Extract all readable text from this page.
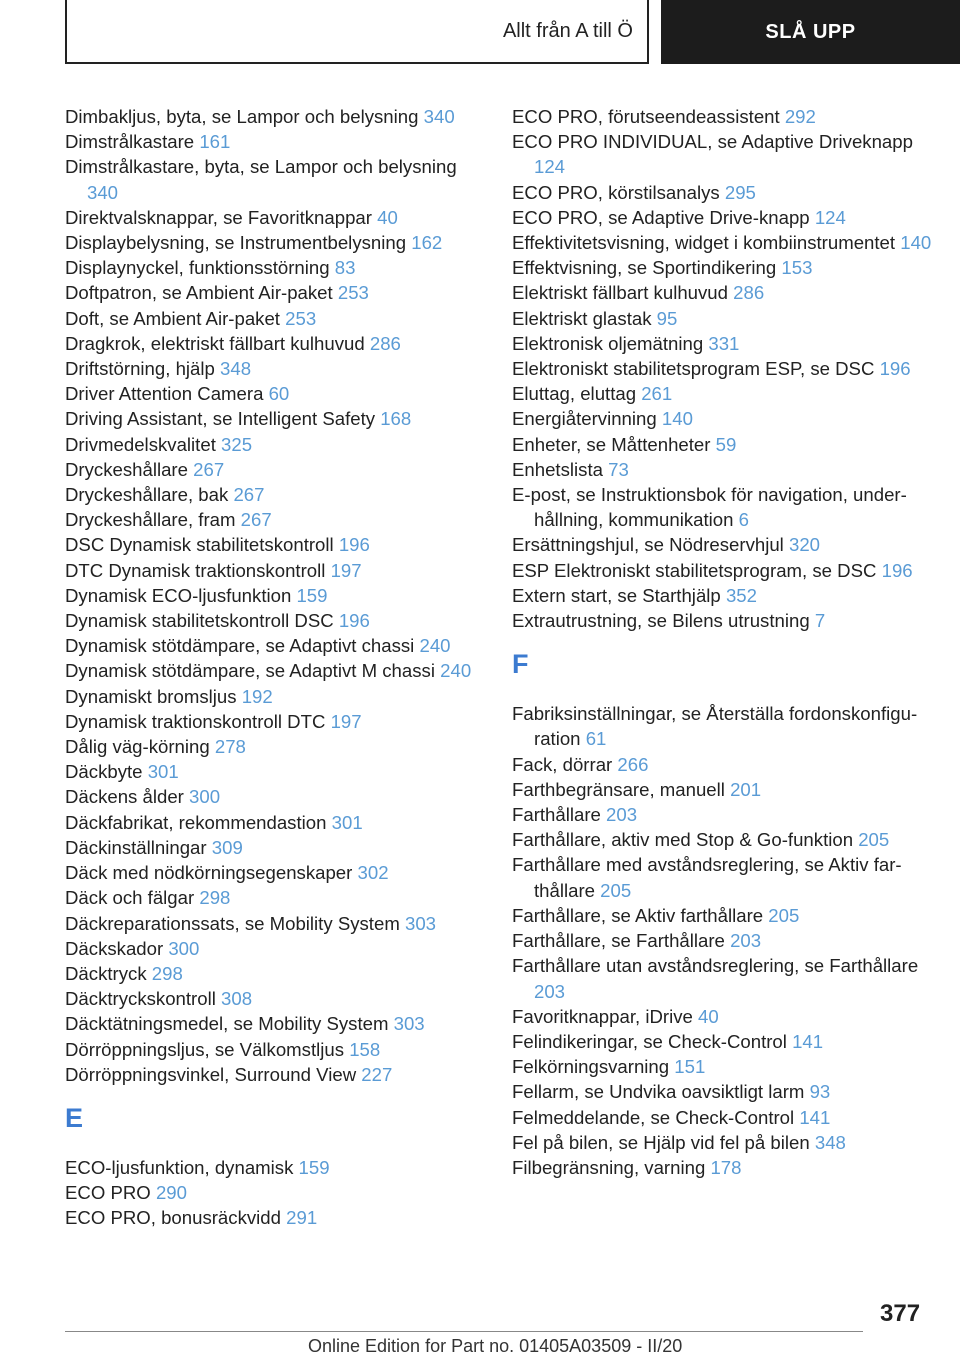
Allt från A till Ö	SLÅ UPP
Dimbakljus, byta, se Lampor och belysning 340
Dimstrålkastare 161
Dimstrålkastare, byta, se Lampor och belysning 340
Direktvalsknappar, se Favoritknappar 40
Displaybelysning, se Instrumentbelysning 162
Displaynyckel, funktionsstörning 83
Doftpatron, se Ambient Air-paket 253
Doft, se Ambient Air-paket 253
Dragkrok, elektriskt fällbart kulhuvud 286
Driftstörning, hjälp 348
Driver Attention Camera 60
Driving Assistant, se Intelligent Safety 168
Drivmedelskvalitet 325
Dryckeshållare 267
Dryckeshållare, bak 267
Dryckeshållare, fram 267
DSC Dynamisk stabilitetskontroll 196
DTC Dynamisk traktionskontroll 197
Dynamisk ECO-ljusfunktion 159
Dynamisk stabilitetskontroll DSC 196
Dynamisk stötdämpare, se Adaptivt chassi 240
Dynamisk stötdämpare, se Adaptivt M chassi 240
Dynamiskt bromsljus 192
Dynamisk traktionskontroll DTC 197
Dålig väg-körning 278
Däckbyte 301
Däckens ålder 300
Däckfabrikat, rekommendastion 301
Däckinställningar 309
Däck med nödkörningsegenskaper 302
Däck och fälgar 298
Däckreparationssats, se Mobility System 303
Däckskador 300
Däcktryck 298
Däcktryckskontroll 308
Däcktätningsmedel, se Mobility System 303
Dörröppningsljus, se Välkomstljus 158
Dörröppningsvinkel, Surround View 227
E
ECO-ljusfunktion, dynamisk 159
ECO PRO 290
ECO PRO, bonusräckvidd 291
ECO PRO, förutseendeassistent 292
ECO PRO INDIVIDUAL, se Adaptive Driveknapp 124
ECO PRO, körstilsanalys 295
ECO PRO, se Adaptive Drive-knapp 124
Effektivitetsvisning, widget i kombiinstrumentet 140
Effektvisning, se Sportindikering 153
Elektriskt fällbart kulhuvud 286
Elektriskt glastak 95
Elektronisk oljemätning 331
Elektroniskt stabilitetsprogram ESP, se DSC 196
Eluttag, eluttag 261
Energiåtervinning 140
Enheter, se Måttenheter 59
Enhetslista 73
E-post, se Instruktionsbok för navigation, underhållning, kommunikation 6
Ersättningshjul, se Nödreservhjul 320
ESP Elektroniskt stabilitetsprogram, se DSC 196
Extern start, se Starthjälp 352
Extrautrustning, se Bilens utrustning 7
F
Fabriksinställningar, se Återställa fordonskonfiguration 61
Fack, dörrar 266
Farthbegränsare, manuell 201
Farthållare 203
Farthållare, aktiv med Stop & Go-funktion 205
Farthållare med avståndsreglering, se Aktiv farthållare 205
Farthållare, se Aktiv farthållare 205
Farthållare, se Farthållare 203
Farthållare utan avståndsreglering, se Farthållare 203
Favoritknappar, iDrive 40
Felindikeringar, se Check-Control 141
Felkörningsvarning 151
Fellarm, se Undvika oavsiktligt larm 93
Felmeddelande, se Check-Control 141
Fel på bilen, se Hjälp vid fel på bilen 348
Filbegränsning, varning 178
377
Online Edition for Part no. 01405A03509 - II/20
